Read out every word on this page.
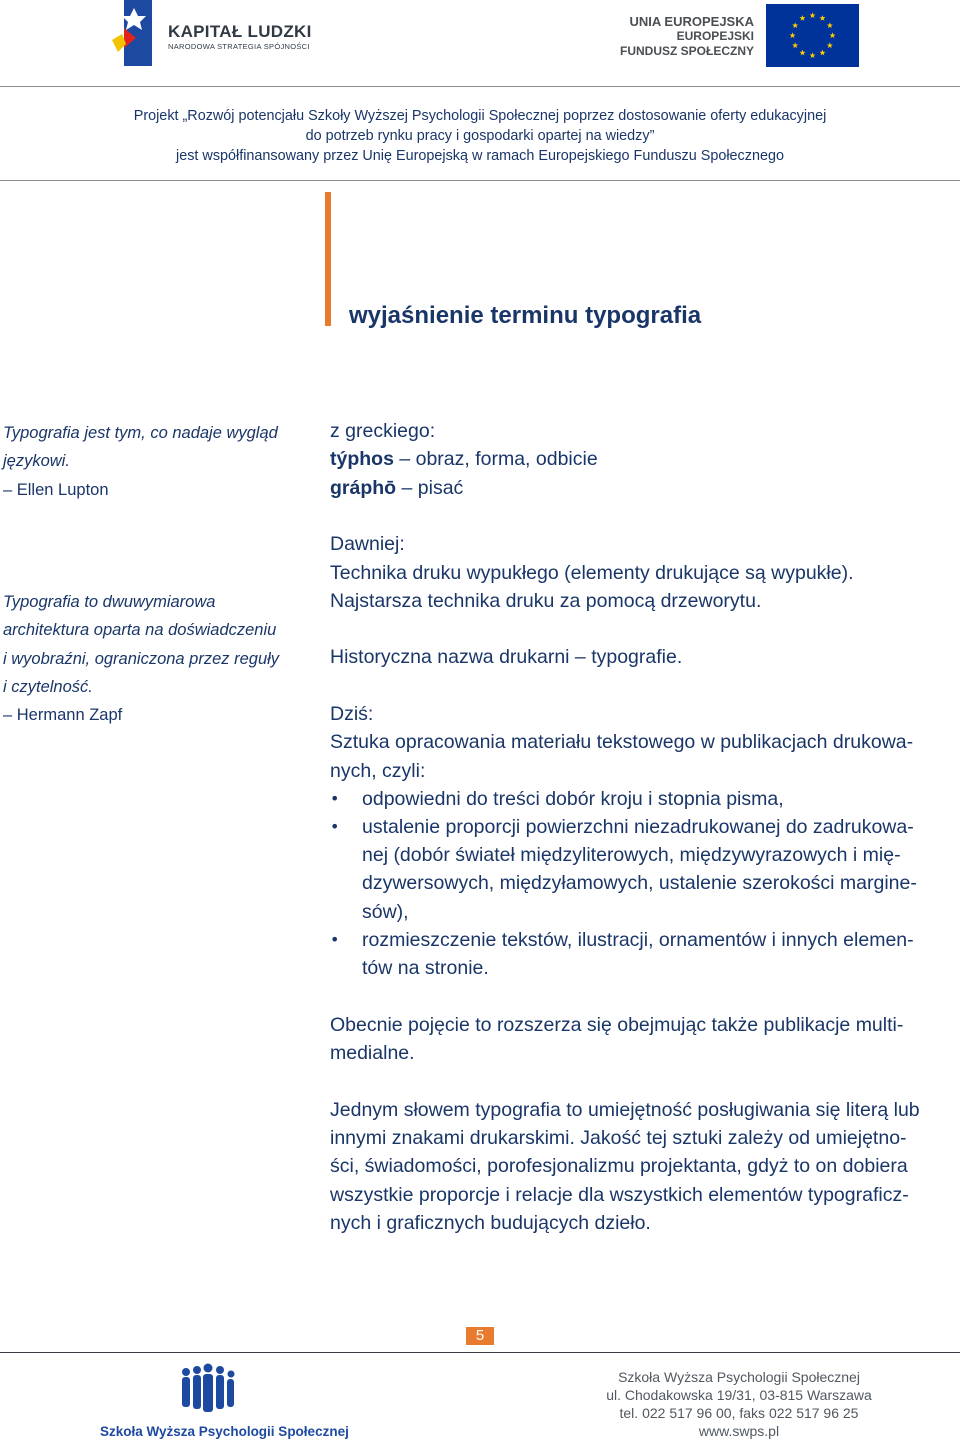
KAPITAŁ LUDZKI
NARODOWA STRATEGIA SPÓJNOŚCI
UNIA EUROPEJSKA
EUROPEJSKI
FUNDUSZ SPOŁECZNY
Projekt „Rozwój potencjału Szkoły Wyższej Psychologii Społecznej poprzez dostosowanie oferty edukacyjnej
do potrzeb rynku pracy i gospodarki opartej na wiedzy”
jest współfinansowany przez Unię Europejską w ramach Europejskiego Funduszu Społecznego
wyjaśnienie terminu typografia
Typografia jest tym, co nadaje wygląd
językowi.
– Ellen Lupton
Typografia to dwuwymiarowa
architektura oparta na doświadczeniu
i wyobraźni, ograniczona przez reguły
i czytelność.
– Hermann Zapf
z greckiego:
týphos – obraz, forma, odbicie
gráphō – pisać
Dawniej:
Technika druku wypukłego (elementy drukujące są wypukłe).
Najstarsza technika druku za pomocą drzeworytu.
Historyczna nazwa drukarni – typografie.
Dziś:
Sztuka opracowania materiału tekstowego w publikacjach drukowa-
nych, czyli:
• odpowiedni do treści dobór kroju i stopnia pisma,
• ustalenie proporcji powierzchni niezadrukowanej do zadrukowa-
nej (dobór świateł międzyliterowych, międzywyrazowych i mię-
dzywersowych, międzyłamowych, ustalenie szerokości margine-
sów),
• rozmieszczenie tekstów, ilustracji, ornamentów i innych elemen-
tów na stronie.
Obecnie pojęcie to rozszerza się obejmując także publikacje multi-
medialne.
Jednym słowem typografia to umiejętność posługiwania się literą lub
innymi znakami drukarskimi. Jakość tej sztuki zależy od umiejętno-
ści, świadomości, porofesjonalizmu projektanta, gdyż to on dobiera
wszystkie proporcje i relacje dla wszystkich elementów typograficz-
nych i graficznych budujących dzieło.
5
Szkoła Wyższa Psychologii Społecznej
Szkoła Wyższa Psychologii Społecznej
ul. Chodakowska 19/31, 03-815 Warszawa
tel. 022 517 96 00, faks 022 517 96 25
www.swps.pl
